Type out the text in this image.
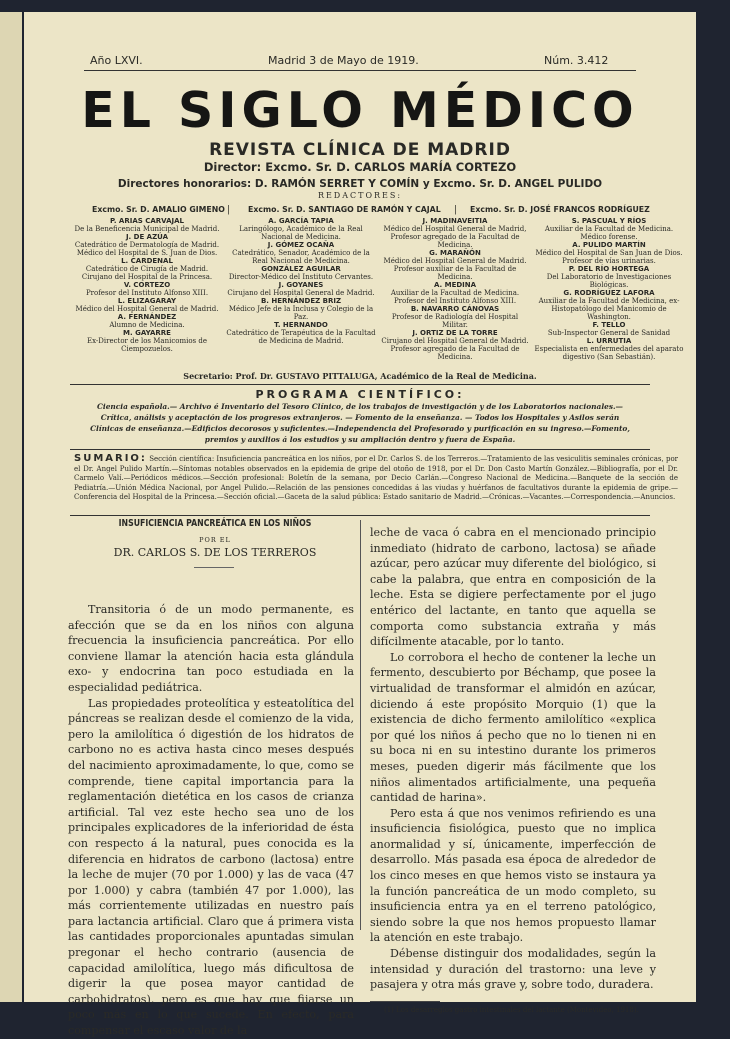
Año LXVI.	Madrid 3 de Mayo de 1919.	Núm. 3.412
EL SIGLO MÉDICO
REVISTA CLÍNICA DE MADRID
Director: Excmo. Sr. D. CARLOS MARÍA CORTEZO
Directores honorarios: D. RAMÓN SERRET Y COMÍN y Excmo. Sr. D. ANGEL PULIDO
REDACTORES:
Excmo. Sr. D. AMALIO GIMENO	Excmo. Sr. D. SANTIAGO DE RAMÓN Y CAJAL	Excmo. Sr. D. JOSÉ FRANCOS RODRÍGUEZ
|	|
P. ARIAS CARVAJAL
De la Beneficencia Municipal de Madrid.
J. DE AZÚA
Catedrático de Dermatología de Madrid. Médico del Hospital de S. Juan de Dios.
L. CARDENAL
Catedrático de Cirugía de Madrid. Cirujano del Hospital de la Princesa.
V. CORTEZO
Profesor del Instituto Alfonso XIII.
L. ELIZAGARAY
Médico del Hospital General de Madrid.
A. FERNÁNDEZ
Alumno de Medicina.
M. GAYARRE
Ex-Director de los Manicomios de Ciempozuelos.
A. GARCÍA TAPIA
Laringólogo, Académico de la Real Nacional de Medicina.
J. GÓMEZ OCAÑA
Catedrático, Senador, Académico de la Real Nacional de Medicina.
GONZÁLEZ AGUILAR
Director-Médico del Instituto Cervantes.
J. GOYANES
Cirujano del Hospital General de Madrid.
B. HERNÁNDEZ BRIZ
Médico Jefe de la Inclusa y Colegio de la Paz.
T. HERNANDO
Catedrático de Terapéutica de la Facultad de Medicina de Madrid.
J. MADINAVEITIA
Médico del Hospital General de Madrid, Profesor agregado de la Facultad de Medicina.
G. MARAÑÓN
Médico del Hospital General de Madrid. Profesor auxiliar de la Facultad de Medicina.
A. MEDINA
Auxiliar de la Facultad de Medicina. Profesor del Instituto Alfonso XIII.
B. NAVARRO CÁNOVAS
Profesor de Radiología del Hospital Militar.
J. ORTIZ DE LA TORRE
Cirujano del Hospital General de Madrid. Profesor agregado de la Facultad de Medicina.
S. PASCUAL Y RÍOS
Auxiliar de la Facultad de Medicina. Médico forense.
A. PULIDO MARTÍN
Médico del Hospital de San Juan de Dios. Profesor de vías urinarias.
P. DEL RÍO HORTEGA
Del Laboratorio de Investigaciones Biológicas.
G. RODRÍGUEZ LAFORA
Auxiliar de la Facultad de Medicina, ex-Histopatólogo del Manicomio de Washington.
F. TELLO
Sub-Inspector General de Sanidad
L. URRUTIA
Especialista en enfermedades del aparato digestivo (San Sebastián).
Secretario: Prof. Dr. GUSTAVO PITTALUGA, Académico de la Real de Medicina.
PROGRAMA CIENTÍFICO:
Ciencia española.— Archivo é Inventario del Tesoro Clínico, de los trabajos de investigación y de los Laboratorios nacionales.—
Crítica, análisis y aceptación de los progresos extranjeros. — Fomento de la enseñanza. — Todos los Hospitales y Asilos serán
Clínicas de enseñanza.—Edificios decorosos y suficientes.—Independencia del Profesorado y purificación en su ingreso.—Fomento,
premios y auxilios á los estudios y su ampliación dentro y fuera de España.
SUMARIO: Sección científica: Insuficiencia pancreática en los niños, por el Dr. Carlos S. de los Terreros.—Tratamiento de las vesiculitis seminales crónicas, por el Dr. Angel Pulido Martín.—Síntomas notables observados en la epidemia de gripe del otoño de 1918, por el Dr. Don Casto Martín González.—Bibliografía, por el Dr. Carmelo Valí.—Periódicos médicos.—Sección profesional: Boletín de la semana, por Decio Carlán.—Congreso Nacional de Medicina.—Banquete de la sección de Pediatría.—Unión Médica Nacional, por Angel Pulido.—Relación de las pensiones concedidas á las viudas y huérfanos de facultativos durante la epidemia de gripe.—Conferencia del Hospital de la Princesa.—Sección oficial.—Gaceta de la salud pública: Estado sanitario de Madrid.—Crónicas.—Vacantes.—Correspondencia.—Anuncios.
INSUFICIENCIA PANCREÁTICA EN LOS NIÑOS
POR EL
DR. CARLOS S. DE LOS TERREROS

Transitoria ó de un modo permanente, es afección que se da en los niños con alguna frecuencia la insuficiencia pancreática. Por ello conviene llamar la atención hacia esta glándula exo- y endocrina tan poco estudiada en la especialidad pediátrica.

Las propiedades proteolítica y esteatolítica del páncreas se realizan desde el comienzo de la vida, pero la amilolítica ó digestión de los hidratos de carbono no es activa hasta cinco meses después del nacimiento aproximadamente, lo que, como se comprende, tiene capital importancia para la reglamentación dietética en los casos de crianza artificial. Tal vez este hecho sea uno de los principales explicadores de la inferioridad de ésta con respecto á la natural, pues conocida es la diferencia en hidratos de carbono (lactosa) entre la leche de mujer (70 por 1.000) y las de vaca (47 por 1.000) y cabra (también 47 por 1.000), las más corrientemente utilizadas en nuestro país para lactancia artificial. Claro que á primera vista las cantidades proporcionales apuntadas simulan pregonar el hecho contrario (ausencia de capacidad amilolítica, luego más dificultosa de digerir la que posea mayor cantidad de carbohidratos), pero es que hay que fijarse un poco más en lo que sucede. En efecto, para compensar el escaso valor de la

leche de vaca ó cabra en el mencionado principio inmediato (hidrato de carbono, lactosa) se añade azúcar, pero azúcar muy diferente del biológico, si cabe la palabra, que entra en composición de la leche. Esta se digiere perfectamente por el jugo entérico del lactante, en tanto que aquella se comporta como substancia extraña y más difícilmente atacable, por lo tanto.

Lo corrobora el hecho de contener la leche un fermento, descubierto por Béchamp, que posee la virtualidad de transformar el almidón en azúcar, diciendo á este propósito Morquio (1) que la existencia de dicho fermento amilolítico «explica por qué los niños á pecho que no lo tienen ni en su boca ni en su intestino durante los primeros meses, pueden digerir más fácilmente que los niños alimentados artificialmente, una pequeña cantidad de harina».

Pero esta á que nos venimos refiriendo es una insuficiencia fisiológica, puesto que no implica anormalidad y sí, únicamente, imperfección de desarrollo. Más pasada esa época de alrededor de los cinco meses en que hemos visto se instaura ya la función pancreática de un modo completo, su insuficiencia entra ya en el terreno patológico, siendo sobre la que nos hemos propuesto llamar la atención en este trabajo.

Débense distinguir dos modalidades, según la intensidad y duración del trastorno: una leve y pasajera y otra más grave y, sobre todo, duradera.

(1) Los desarreglos gastro intestinales del lactante (Montevideo, 1918).
